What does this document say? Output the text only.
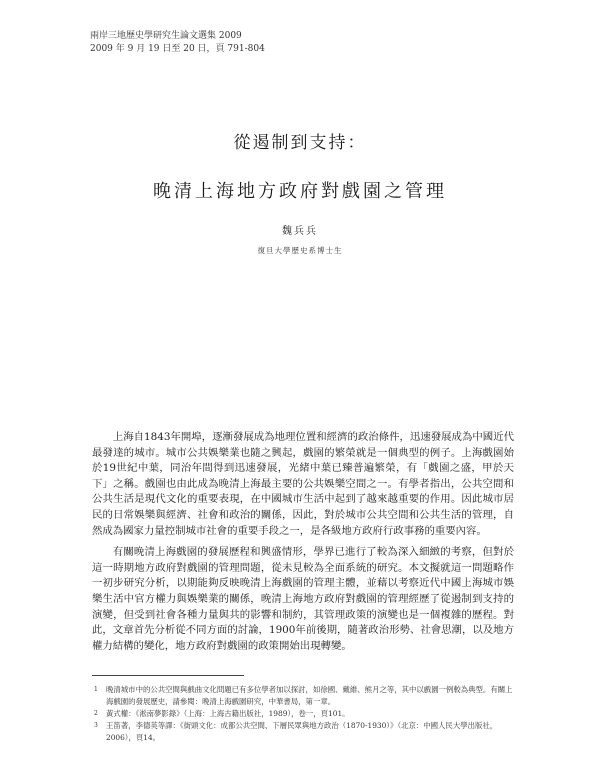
兩岸三地歷史學研究生論文選集 2009
2009 年 9 月 19 日至 20 日，頁 791-804
從遏制到支持：
晚清上海地方政府對戲園之管理
魏兵兵
復旦大學歷史系博士生

上海自1843年開埠，逐漸發展成為地理位置和經濟的政治條件，迅速發展成為中國近代最發達的城市。城市公共娛樂業也隨之興起，戲園的繁榮就是一個典型的例子。上海戲園始於19世紀中葉，同治年間得到迅速發展，光緒中葉已臻普遍繁榮，有「戲園之盛，甲於天下」之稱。戲園也由此成為晚清上海最主要的公共娛樂空間之一。有學者指出，公共空間和公共生活是現代文化的重要表現，在中國城市生活中起到了越來越重要的作用。因此城市居民的日常娛樂與經濟、社會和政治的關係，因此，對於城市公共空間和公共生活的管理，自然成為國家力量控制城市社會的重要手段之一，是各級地方政府行政事務的重要內容。

有關晚清上海戲園的發展歷程和興盛情形，學界已進行了較為深入細緻的考察，但對於這一時期地方政府對戲園的管理問題，從未見較為全面系統的研究。本文擬就這一問題略作一初步研究分析，以期能夠反映晚清上海戲園的管理主體，並藉以考察近代中國上海城市娛樂生活中官方權力與娛樂業的關係，晚清上海地方政府對戲園的管理經歷了從遏制到支持的演變，但受到社會各種力量與共的影響和制約，其管理政策的演變也是一個複雜的歷程。對此，文章首先分析從不同方面的討論，1900年前後期，隨著政治形勢、社會思潮，以及地方權力結構的變化，地方政府對戲園的政策開始出現轉變。

1 晚清城市中的公共空間與戲曲文化問題已有多位學者加以探討，如徐國、戴維、熊月之等，其中以戲園一例較為典型。有關上海戲園的發展歷史，請參閱：晚清上海戲園研究，中華書局，第一章。
2 黃式權：《淞南夢影錄》（上海：上海古籍出版社，1989），卷一，頁101。
3 王笛著，李德英等譯：《街頭文化：成都公共空間、下層民眾與地方政治（1870-1930）》（北京：中國人民大學出版社，2006），頁14。
